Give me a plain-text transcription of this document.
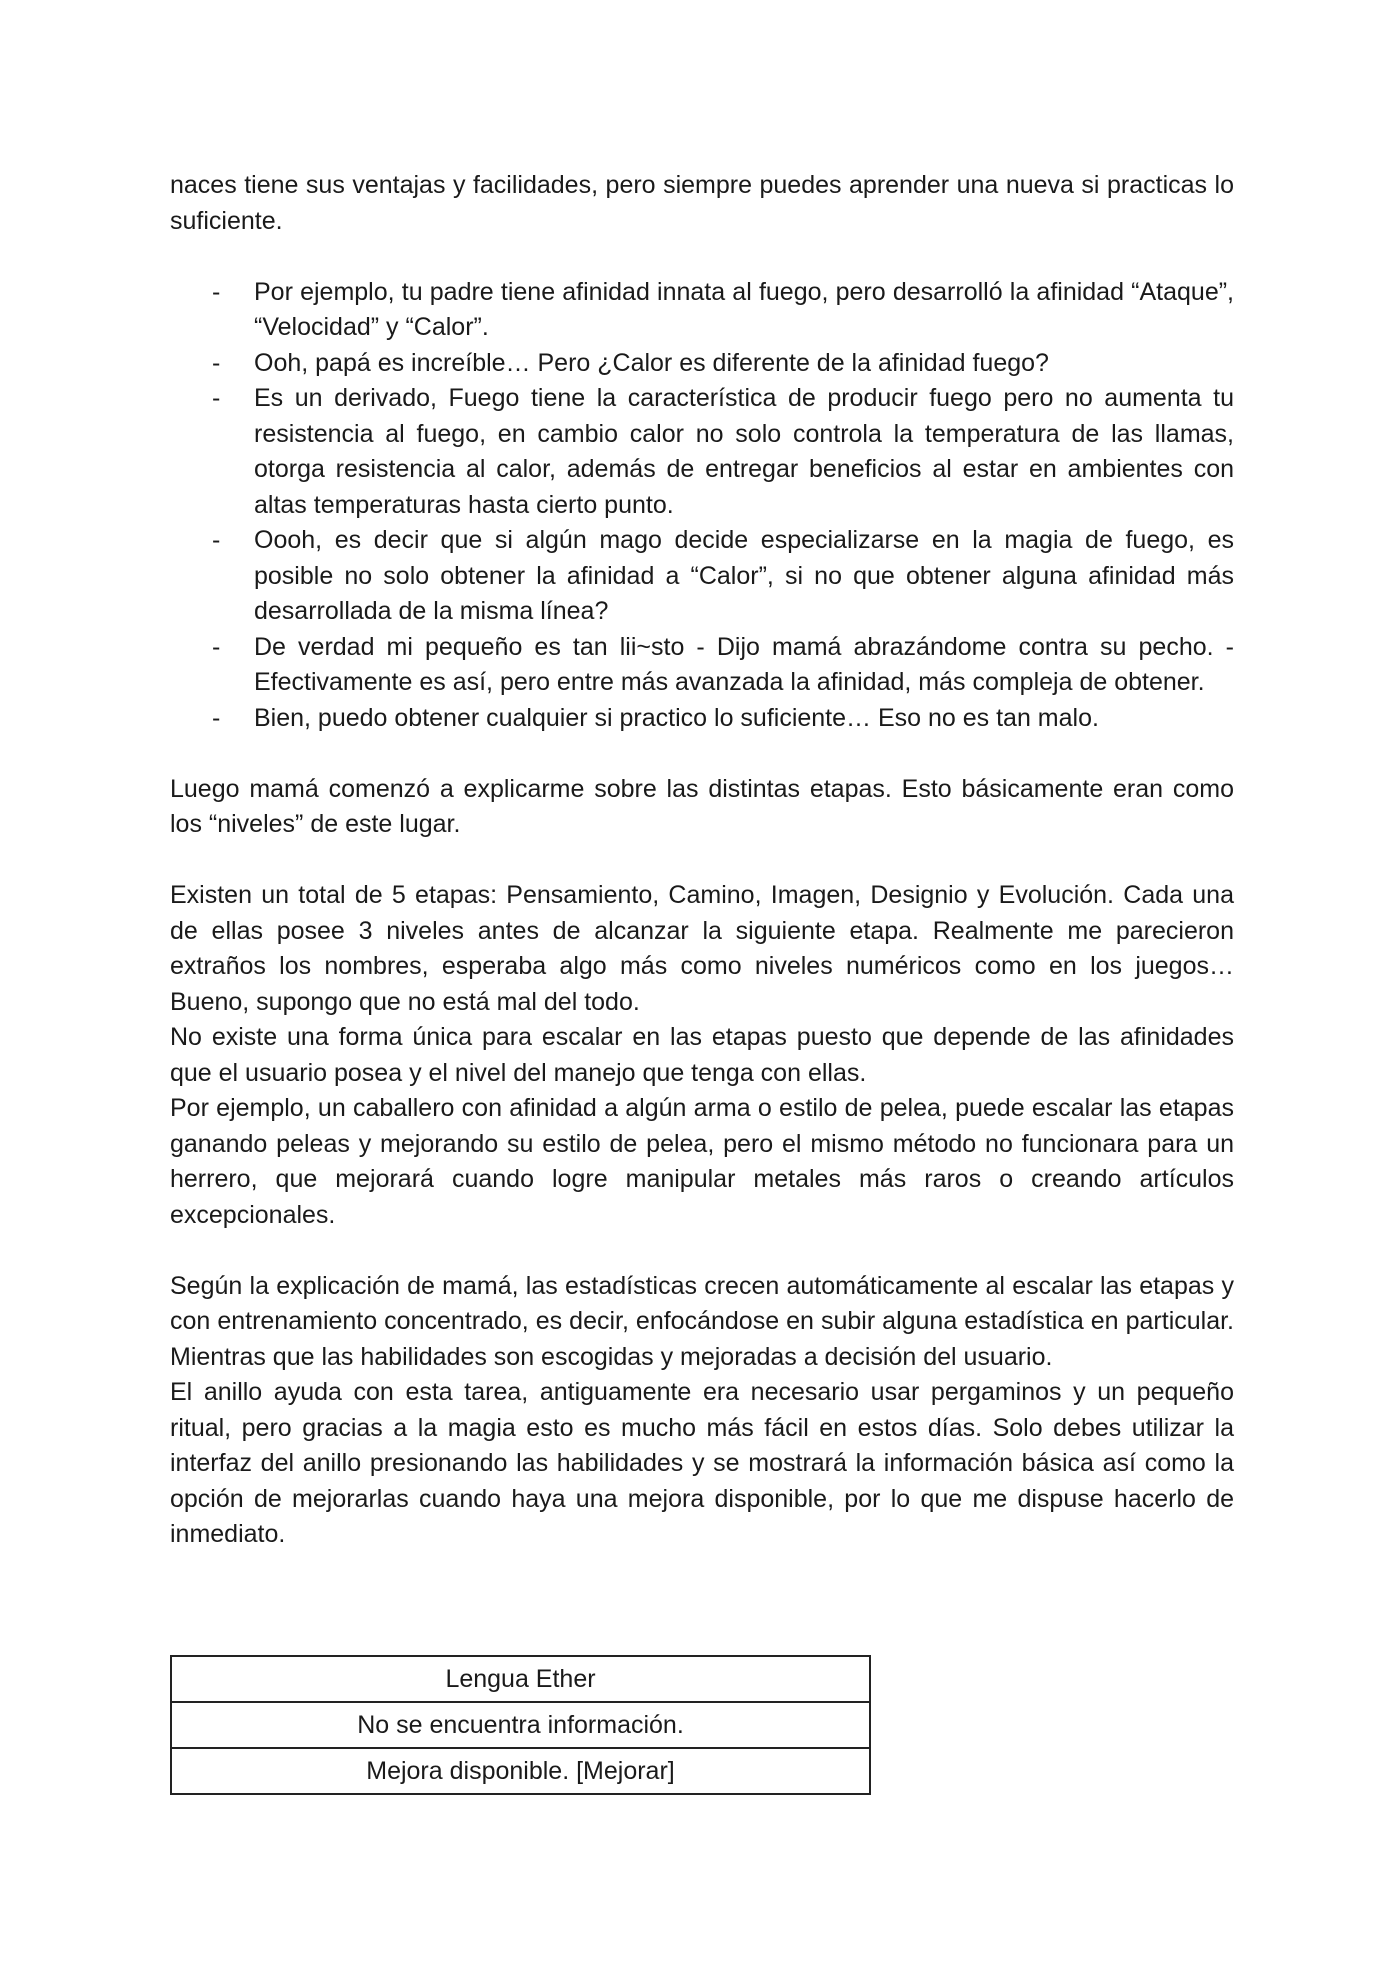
naces tiene sus ventajas y facilidades, pero siempre puedes aprender una nueva si practicas lo suficiente.

- Por ejemplo, tu padre tiene afinidad innata al fuego, pero desarrolló la afinidad “Ataque”, “Velocidad” y “Calor”.
- Ooh, papá es increíble… Pero ¿Calor es diferente de la afinidad fuego?
- Es un derivado, Fuego tiene la característica de producir fuego pero no aumenta tu resistencia al fuego, en cambio calor no solo controla la temperatura de las llamas, otorga resistencia al calor, además de entregar beneficios al estar en ambientes con altas temperaturas hasta cierto punto.
- Oooh, es decir que si algún mago decide especializarse en la magia de fuego, es posible no solo obtener la afinidad a “Calor”, si no que obtener alguna afinidad más desarrollada de la misma línea?
- De verdad mi pequeño es tan lii~sto - Dijo mamá abrazándome contra su pecho. - Efectivamente es así, pero entre más avanzada la afinidad, más compleja de obtener.
- Bien, puedo obtener cualquier si practico lo suficiente… Eso no es tan malo.

Luego mamá comenzó a explicarme sobre las distintas etapas. Esto básicamente eran como los “niveles” de este lugar.

Existen un total de 5 etapas: Pensamiento, Camino, Imagen, Designio y Evolución. Cada una de ellas posee 3 niveles antes de alcanzar la siguiente etapa. Realmente me parecieron extraños los nombres, esperaba algo más como niveles numéricos como en los juegos… Bueno, supongo que no está mal del todo.

No existe una forma única para escalar en las etapas puesto que depende de las afinidades que el usuario posea y el nivel del manejo que tenga con ellas.

Por ejemplo, un caballero con afinidad a algún arma o estilo de pelea, puede escalar las etapas ganando peleas y mejorando su estilo de pelea, pero el mismo método no funcionara para un herrero, que mejorará cuando logre manipular metales más raros o creando artículos excepcionales.

Según la explicación de mamá, las estadísticas crecen automáticamente al escalar las etapas y con entrenamiento concentrado, es decir, enfocándose en subir alguna estadística en particular. Mientras que las habilidades son escogidas y mejoradas a decisión del usuario.

El anillo ayuda con esta tarea, antiguamente era necesario usar pergaminos y un pequeño ritual, pero gracias a la magia esto es mucho más fácil en estos días. Solo debes utilizar la interfaz del anillo presionando las habilidades y se mostrará la información básica así como la opción de mejorarlas cuando haya una mejora disponible, por lo que me dispuse hacerlo de inmediato.

Lengua Ether
No se encuentra información.
Mejora disponible. [Mejorar]
